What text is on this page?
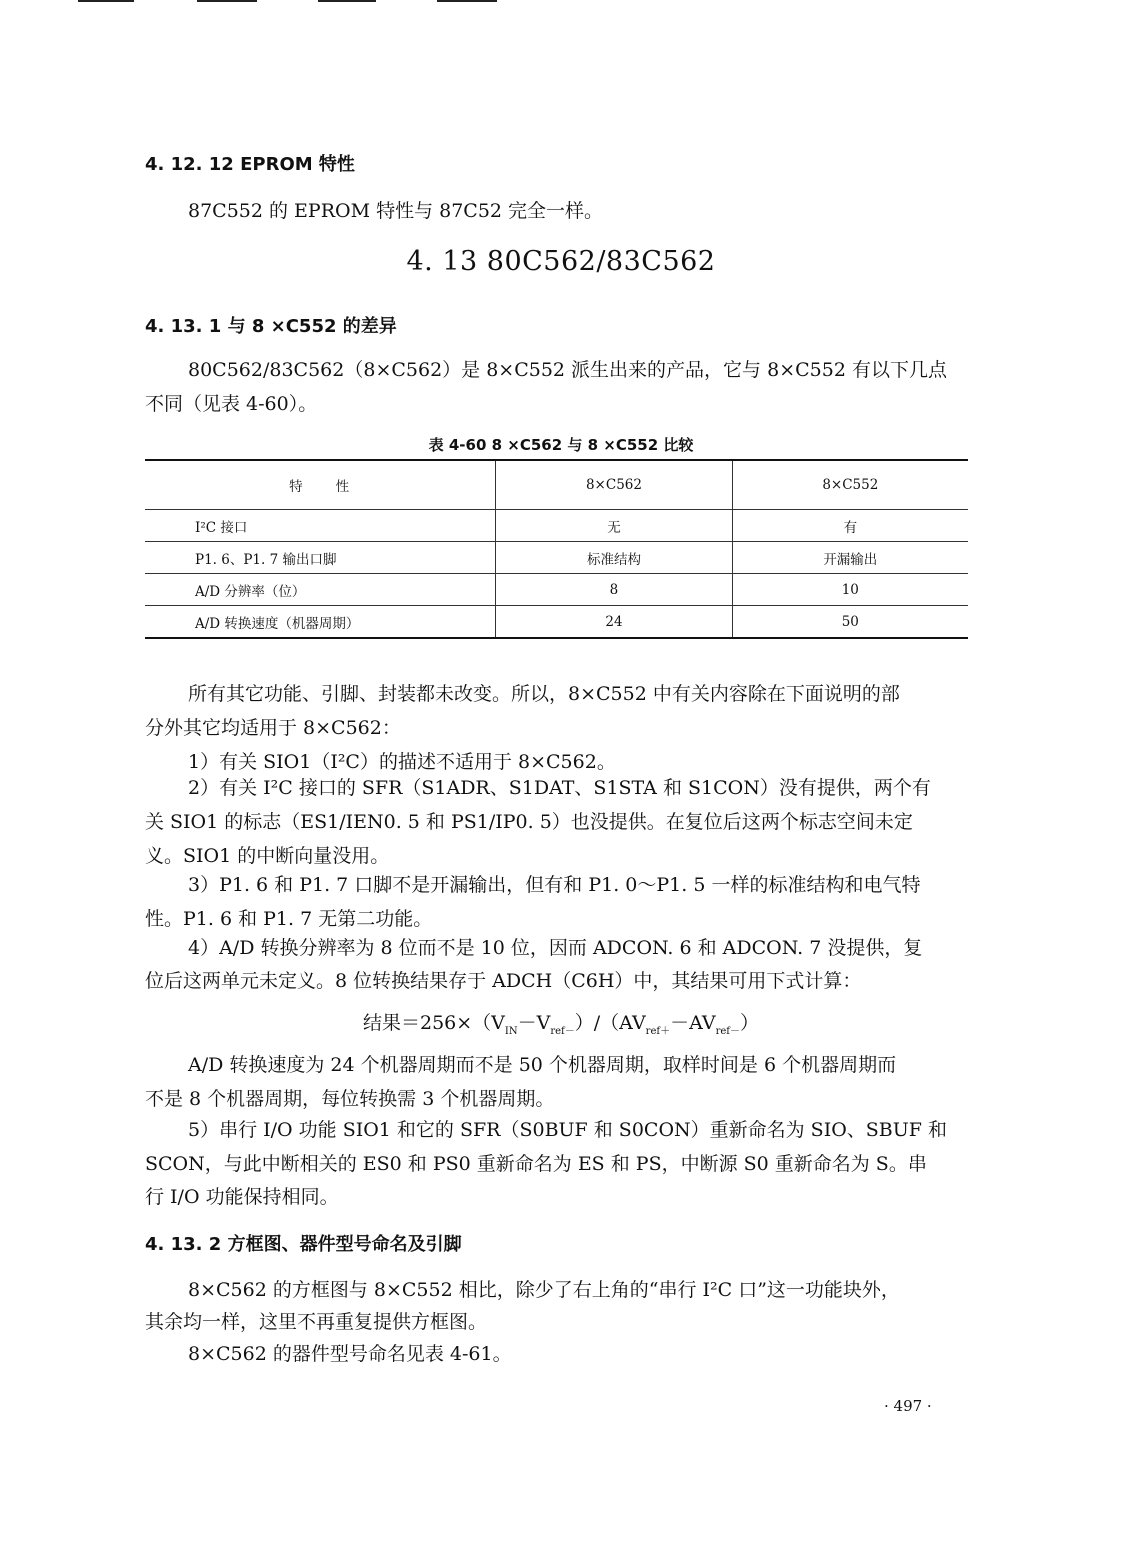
4. 12. 12 EPROM 特性
87C552 的 EPROM 特性与 87C52 完全一样。
4. 13 80C562/83C562
4. 13. 1 与 8 ×C552 的差异
80C562/83C562（8×C562）是 8×C552 派生出来的产品，它与 8×C552 有以下几点
不同（见表 4-60）。
表 4-60 8 ×C562 与 8 ×C552 比较
特　　性	8×C562	8×C552
I²C 接口	无	有
P1. 6、P1. 7 输出口脚	标准结构	开漏输出
A/D 分辨率（位）	8	10
A/D 转换速度（机器周期）	24	50
所有其它功能、引脚、封装都未改变。所以，8×C552 中有关内容除在下面说明的部
分外其它均适用于 8×C562：
1）有关 SIO1（I²C）的描述不适用于 8×C562。
2）有关 I²C 接口的 SFR（S1ADR、S1DAT、S1STA 和 S1CON）没有提供，两个有
关 SIO1 的标志（ES1/IEN0. 5 和 PS1/IP0. 5）也没提供。在复位后这两个标志空间未定
义。SIO1 的中断向量没用。
3）P1. 6 和 P1. 7 口脚不是开漏输出，但有和 P1. 0～P1. 5 一样的标准结构和电气特
性。P1. 6 和 P1. 7 无第二功能。
4）A/D 转换分辨率为 8 位而不是 10 位，因而 ADCON. 6 和 ADCON. 7 没提供，复
位后这两单元未定义。8 位转换结果存于 ADCH（C6H）中，其结果可用下式计算：
结果$=256\times(V_{IN}-V_{ref-})/(AV_{ref+}-AV_{ref-})$
A/D 转换速度为 24 个机器周期而不是 50 个机器周期，取样时间是 6 个机器周期而
不是 8 个机器周期，每位转换需 3 个机器周期。
5）串行 I/O 功能 SIO1 和它的 SFR（S0BUF 和 S0CON）重新命名为 SIO、SBUF 和
SCON，与此中断相关的 ES0 和 PS0 重新命名为 ES 和 PS，中断源 S0 重新命名为 S。串
行 I/O 功能保持相同。
4. 13. 2 方框图、器件型号命名及引脚
8×C562 的方框图与 8×C552 相比，除少了右上角的“串行 I²C 口”这一功能块外，
其余均一样，这里不再重复提供方框图。
8×C562 的器件型号命名见表 4-61。
· 497 ·
